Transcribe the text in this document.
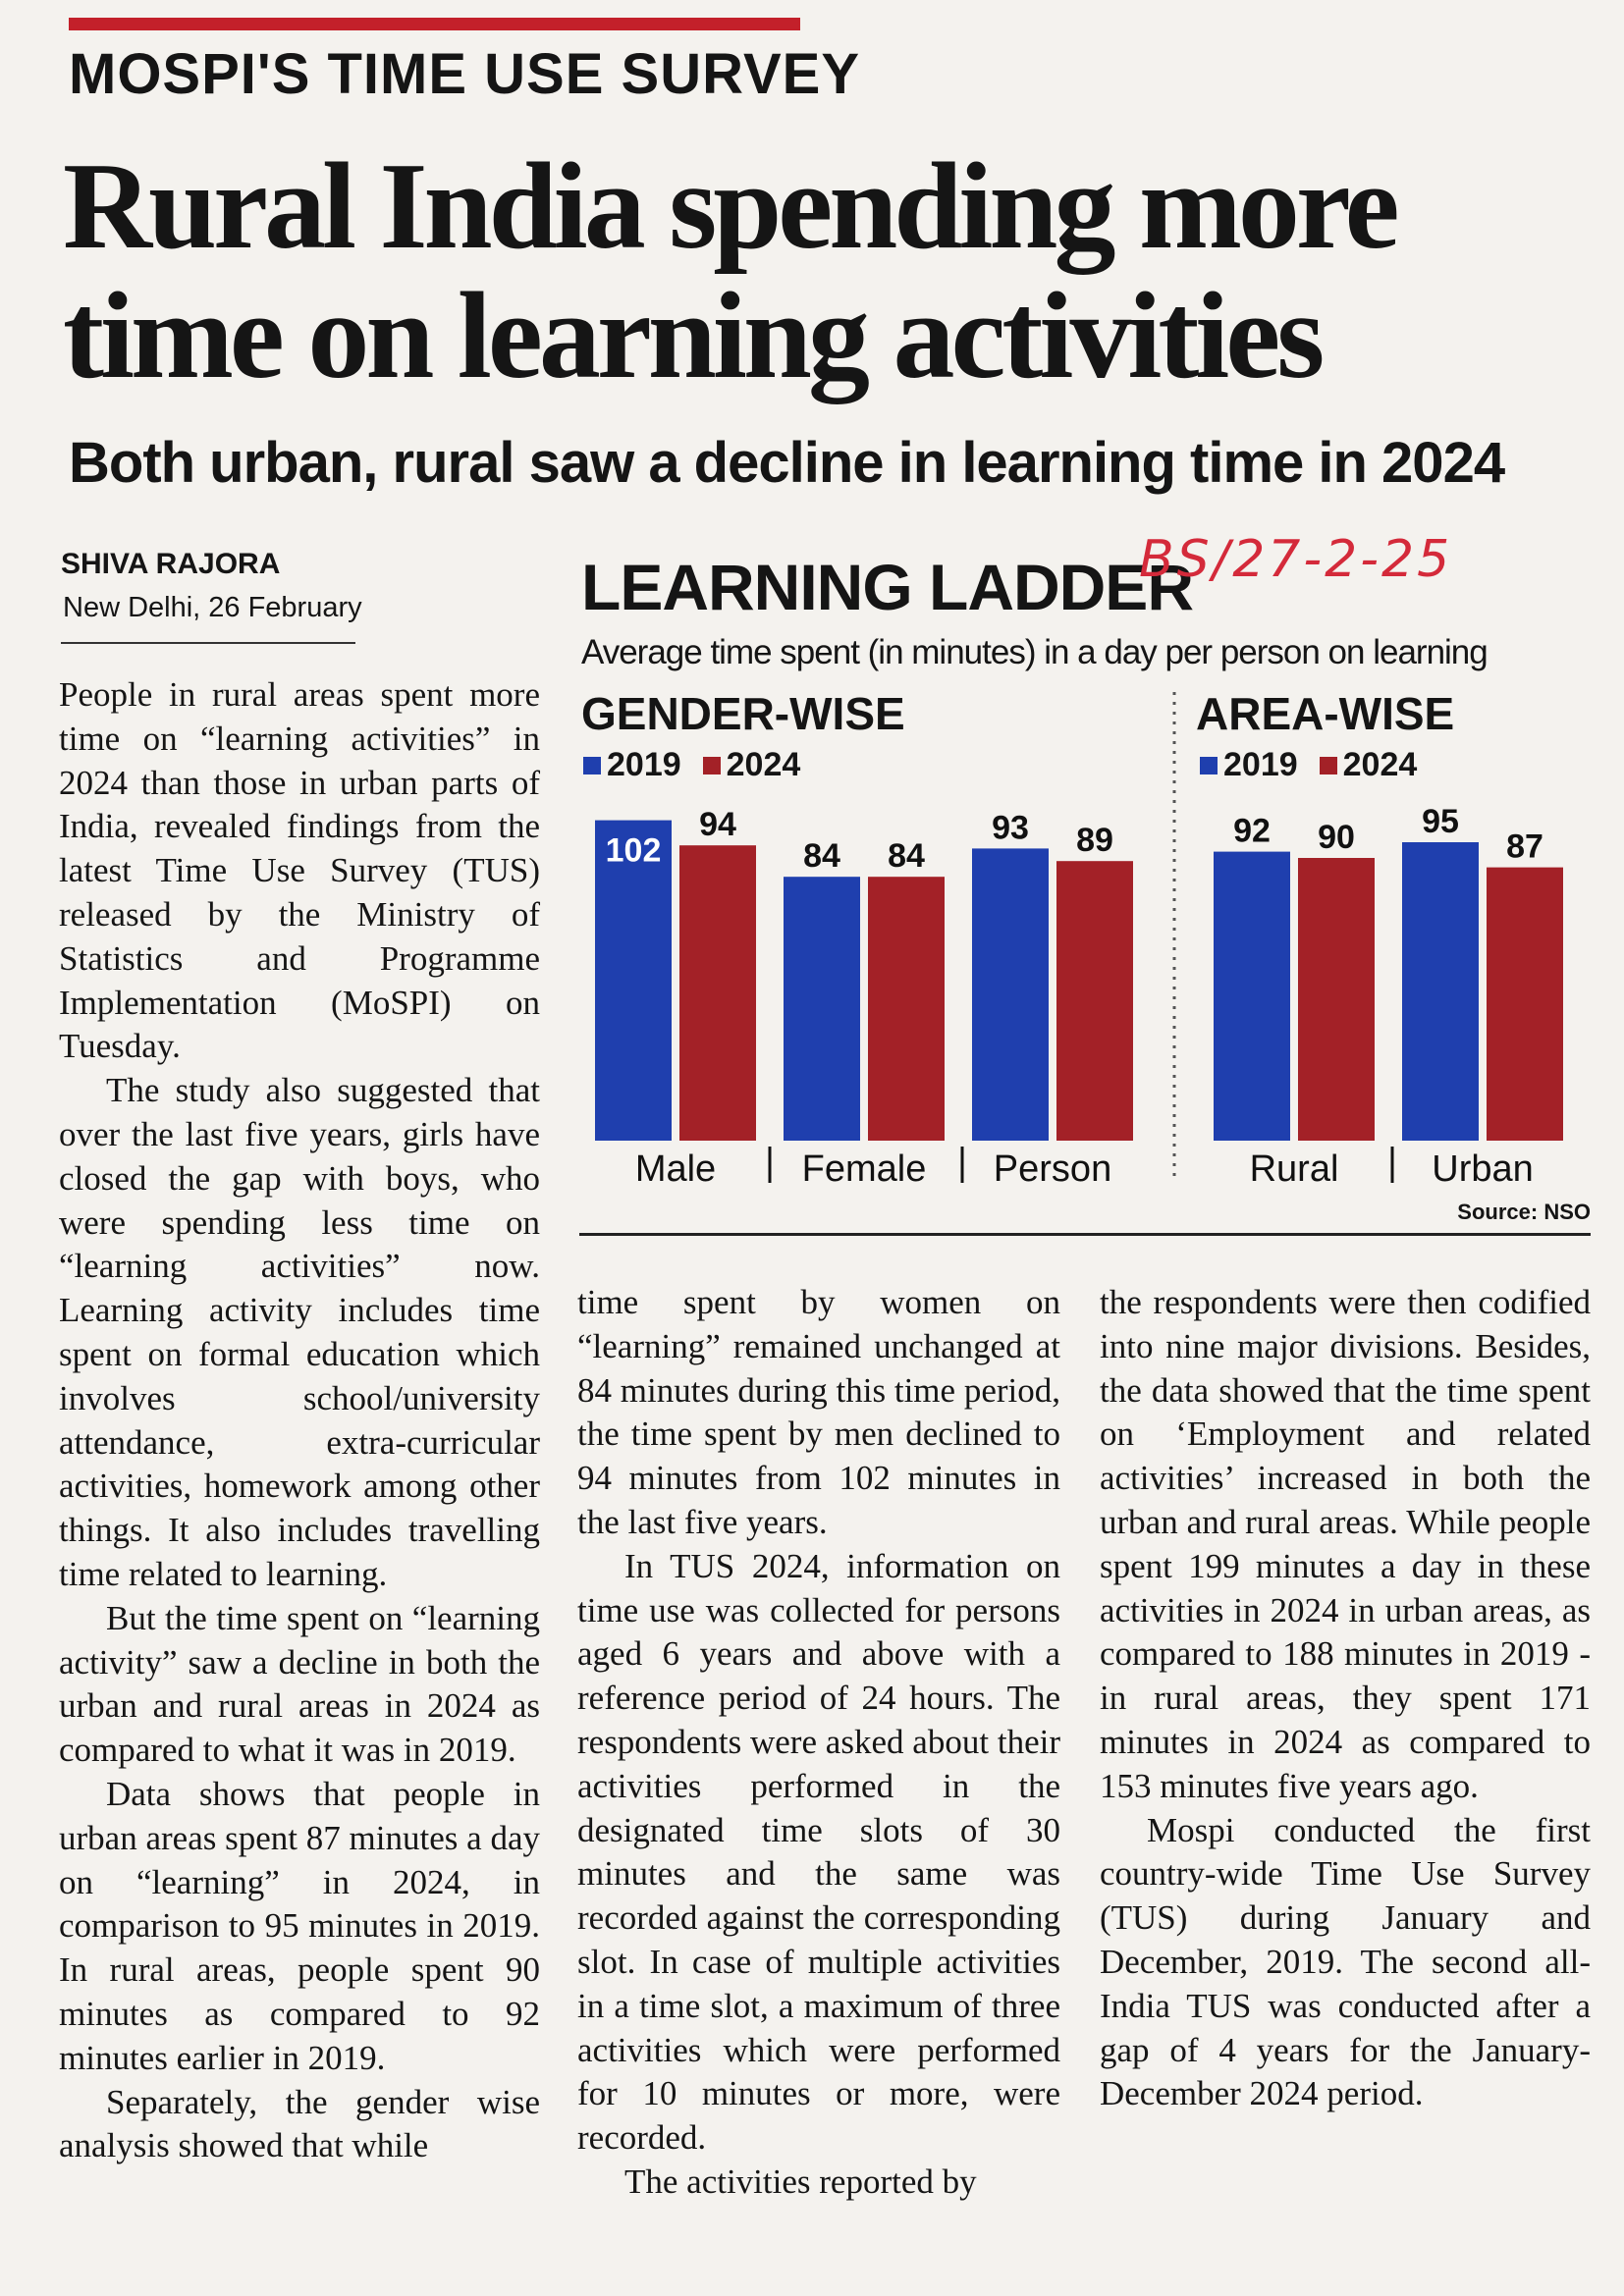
MOSPI'S TIME USE SURVEY
Rural India spending more time on learning activities
Both urban, rural saw a decline in learning time in 2024
SHIVA RAJORA
New Delhi, 26 February

People in rural areas spent more time on “learning activities” in 2024 than those in urban parts of India, revealed findings from the latest Time Use Survey (TUS) released by the Ministry of Statistics and Programme Implementation (MoSPI) on Tuesday.

The study also suggested that over the last five years, girls have closed the gap with boys, who were spending less time on “learning activities” now. Learning activity includes time spent on formal education which involves school/university attendance, extra-curricular activities, homework among other things. It also includes travelling time related to learning.

But the time spent on “learning activity” saw a decline in both the urban and rural areas in 2024 as compared to what it was in 2019.

Data shows that people in urban areas spent 87 minutes a day on “learning” in 2024, in comparison to 95 minutes in 2019. In rural areas, people spent 90 minutes as compared to 92 minutes earlier in 2019.

Separately, the gender wise analysis showed that while

time spent by women on “learning” remained unchanged at 84 minutes during this time period, the time spent by men declined to 94 minutes from 102 minutes in the last five years.

In TUS 2024, information on time use was collected for persons aged 6 years and above with a reference period of 24 hours. The respondents were asked about their activities performed in the designated time slots of 30 minutes and the same was recorded against the corresponding slot. In case of multiple activities in a time slot, a maximum of three activities which were performed for 10 minutes or more, were recorded.

The activities reported by

the respondents were then codified into nine major divisions. Besides, the data showed that the time spent on ‘Employment and related activities’ increased in both the urban and rural areas. While people spent 199 minutes a day in these activities in 2024 in urban areas, as compared to 188 minutes in 2019 - in rural areas, they spent 171 minutes in 2024 as compared to 153 minutes five years ago.

Mospi conducted the first country-wide Time Use Survey (TUS) during January and December, 2019. The second all-India TUS was conducted after a gap of 4 years for the January-December 2024 period.

LEARNING LADDER
BS/27-2-25
Average time spent (in minutes) in a day per person on learning
GENDER-WISE	AREA-WISE
2019 2024	2019 2024
102
94
Male
84 84
Female
93 89
Person
92 90
Rural
95
87
Urban
Source: NSO
